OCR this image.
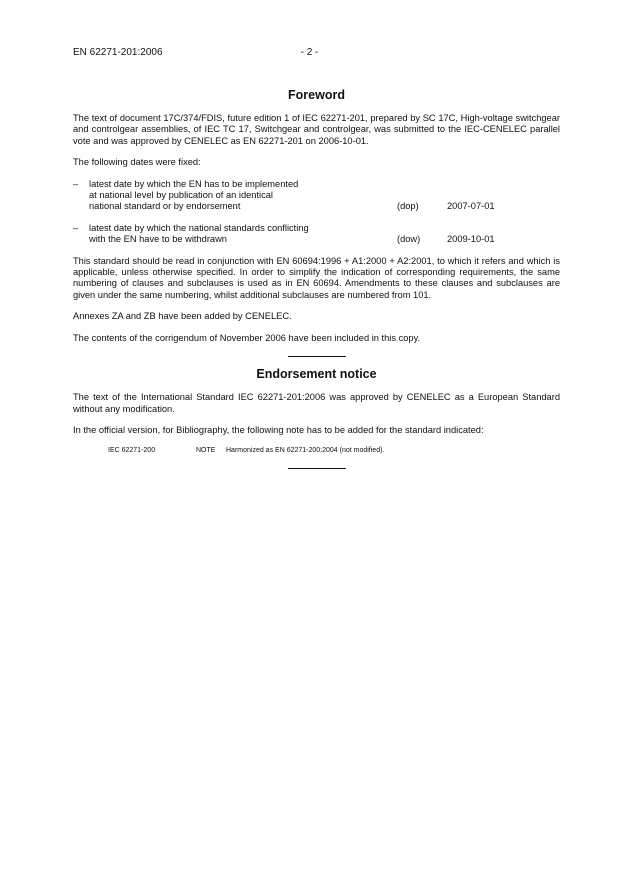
EN 62271-201:2006	- 2 -
Foreword

The text of document 17C/374/FDIS, future edition 1 of IEC 62271-201, prepared by SC 17C, High-voltage switchgear and controlgear assemblies, of IEC TC 17, Switchgear and controlgear, was submitted to the IEC-CENELEC parallel vote and was approved by CENELEC as EN 62271-201 on 2006-10-01.

The following dates were fixed:

–	latest date by which the EN has to be implemented
at national level by publication of an identical
national standard or by endorsement	(dop)	2007-07-01
–	latest date by which the national standards conflicting
with the EN have to be withdrawn	(dow)	2009-10-01

This standard should be read in conjunction with EN 60694:1996 + A1:2000 + A2:2001, to which it refers and which is applicable, unless otherwise specified. In order to simplify the indication of corresponding requirements, the same numbering of clauses and subclauses is used as in EN 60694. Amendments to these clauses and subclauses are given under the same numbering, whilst additional subclauses are numbered from 101.

Annexes ZA and ZB have been added by CENELEC.

The contents of the corrigendum of November 2006 have been included in this copy.

Endorsement notice

The text of the International Standard IEC 62271-201:2006 was approved by CENELEC as a European Standard without any modification.

In the official version, for Bibliography, the following note has to be added for the standard indicated:

IEC 62271-200	NOTE	Harmonized as EN 62271-200:2004 (not modified).
